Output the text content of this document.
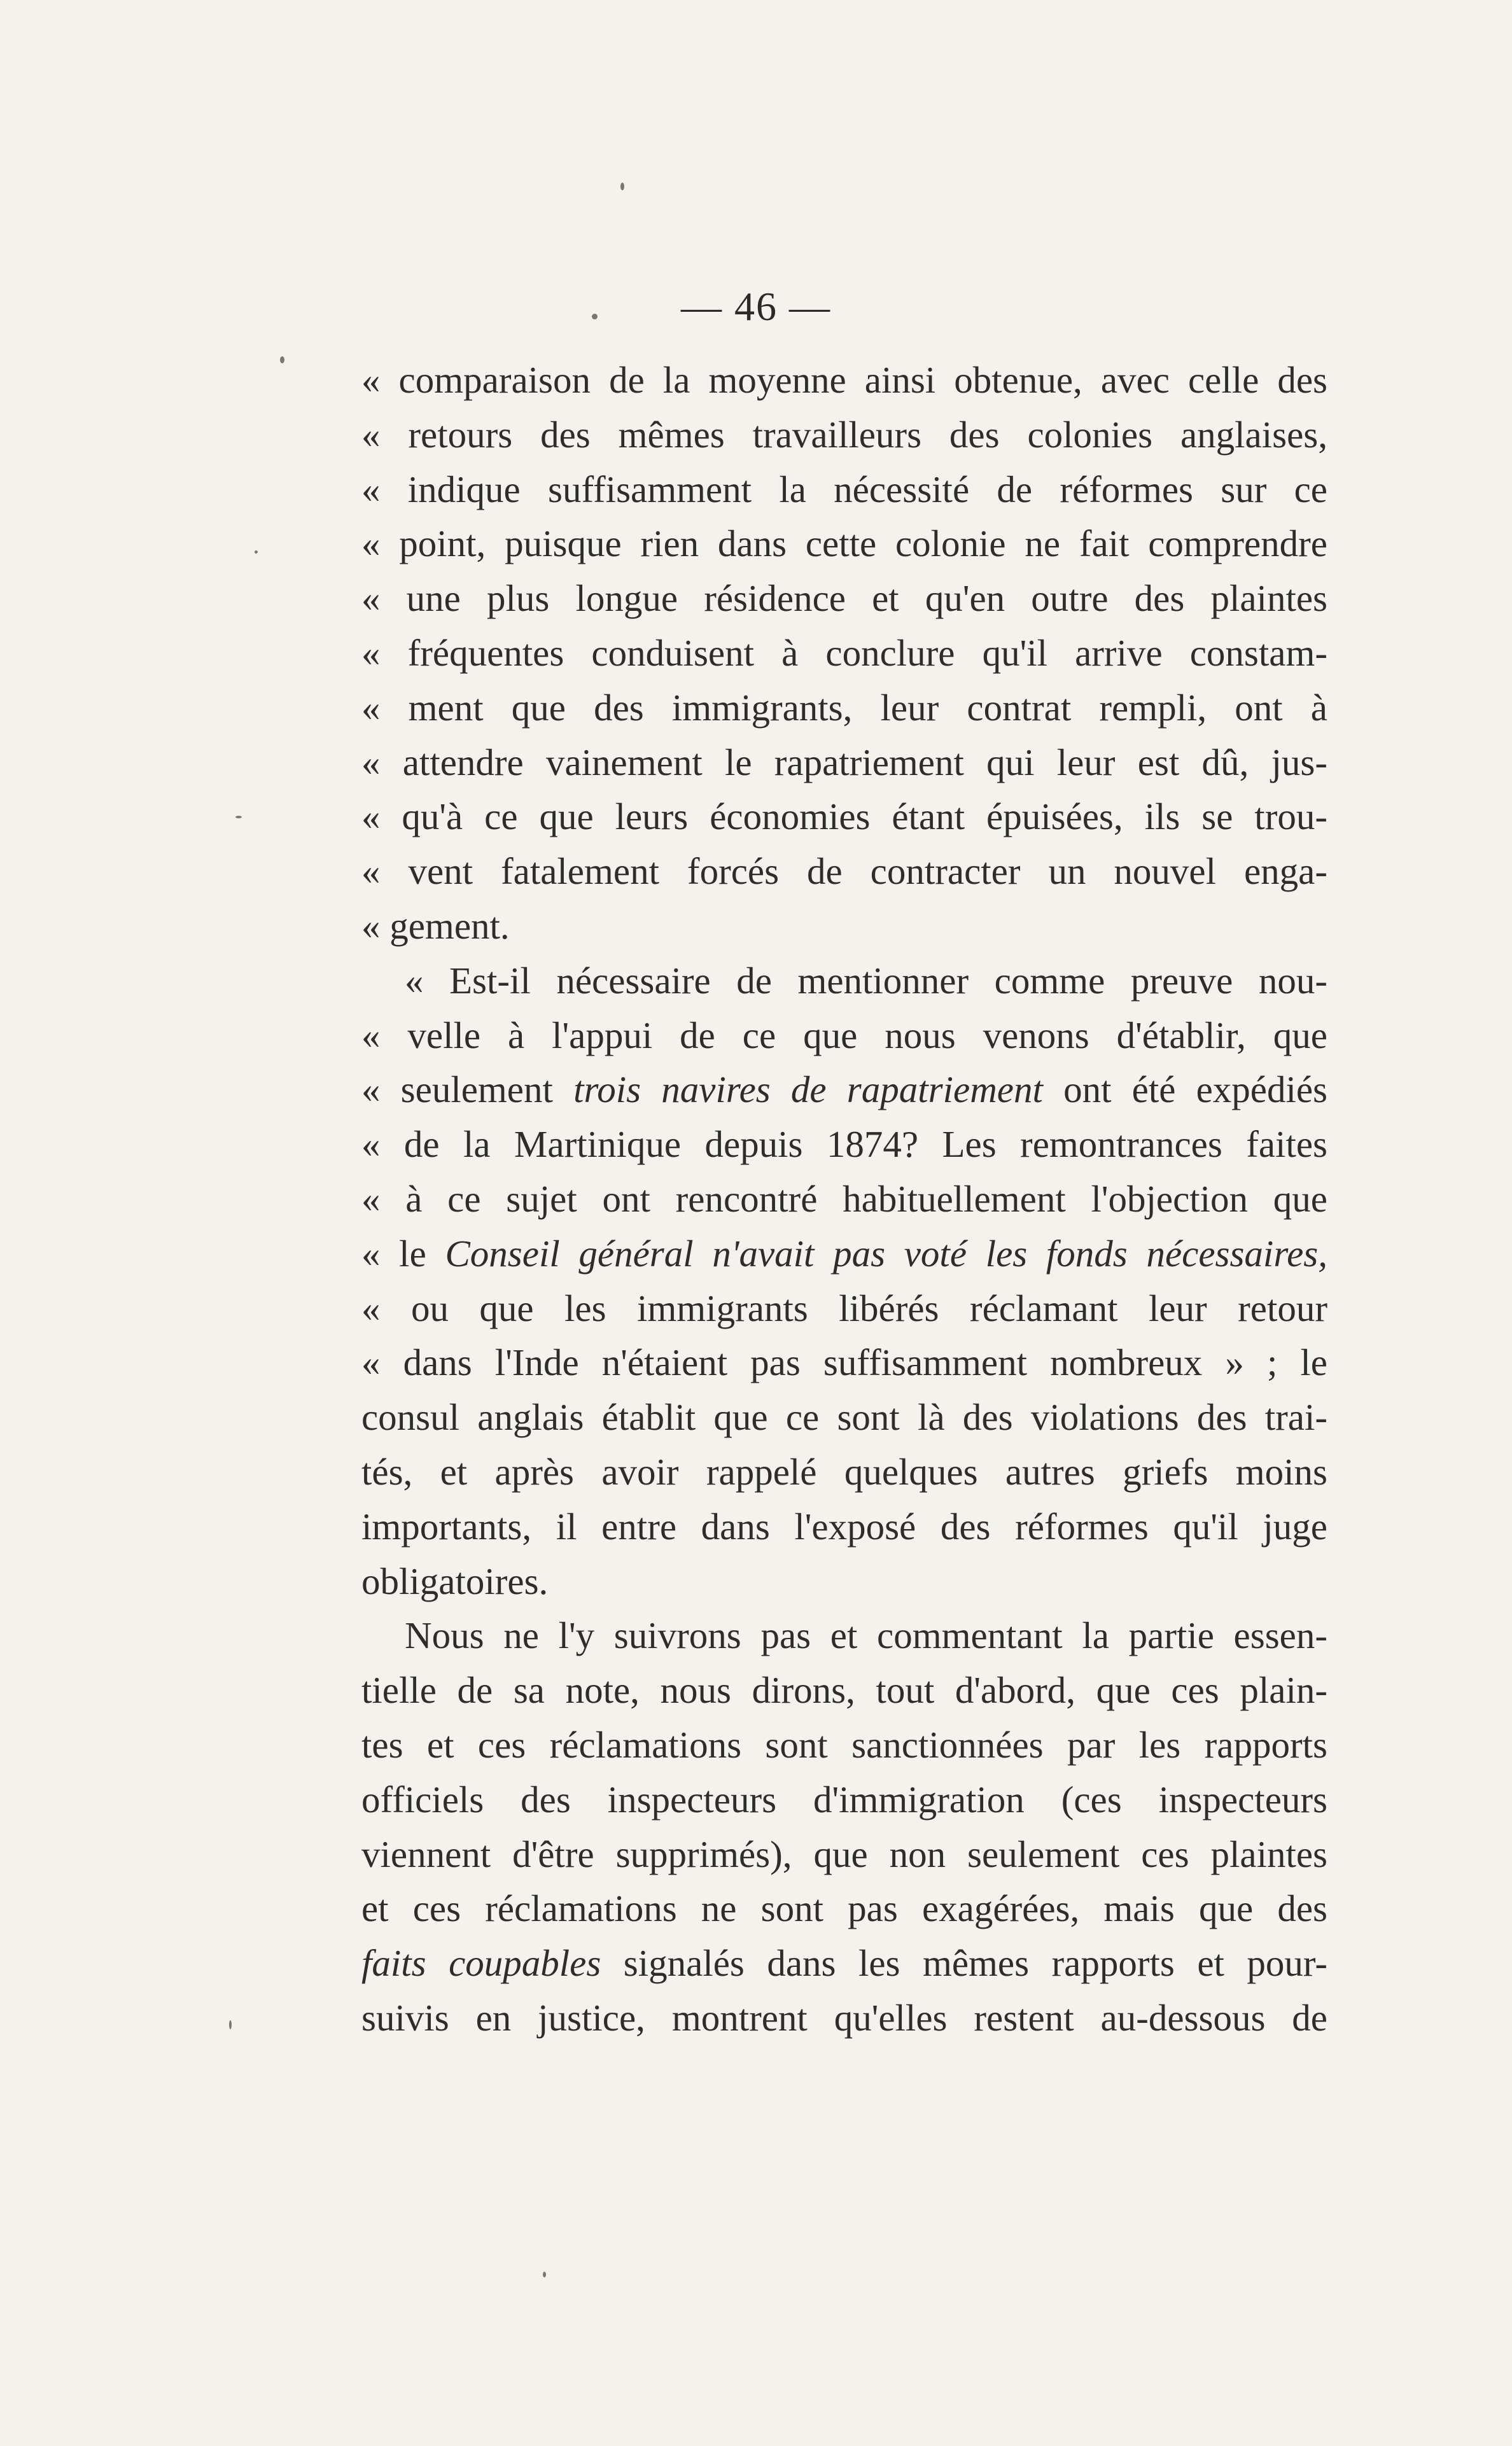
— 46 —
« comparaison de la moyenne ainsi obtenue, avec celle des
« retours des mêmes travailleurs des colonies anglaises,
« indique suffisamment la nécessité de réformes sur ce
« point, puisque rien dans cette colonie ne fait comprendre
« une plus longue résidence et qu'en outre des plaintes
« fréquentes conduisent à conclure qu'il arrive constam-
« ment que des immigrants, leur contrat rempli, ont à
« attendre vainement le rapatriement qui leur est dû, jus-
« qu'à ce que leurs économies étant épuisées, ils se trou-
« vent fatalement forcés de contracter un nouvel enga-
« gement.
« Est-il nécessaire de mentionner comme preuve nou-
« velle à l'appui de ce que nous venons d'établir, que
« seulement trois navires de rapatriement ont été expédiés
« de la Martinique depuis 1874? Les remontrances faites
« à ce sujet ont rencontré habituellement l'objection que
« le Conseil général n'avait pas voté les fonds nécessaires,
« ou que les immigrants libérés réclamant leur retour
« dans l'Inde n'étaient pas suffisamment nombreux » ; le
consul anglais établit que ce sont là des violations des trai-
tés, et après avoir rappelé quelques autres griefs moins
importants, il entre dans l'exposé des réformes qu'il juge
obligatoires.
Nous ne l'y suivrons pas et commentant la partie essen-
tielle de sa note, nous dirons, tout d'abord, que ces plain-
tes et ces réclamations sont sanctionnées par les rapports
officiels des inspecteurs d'immigration (ces inspecteurs
viennent d'être supprimés), que non seulement ces plaintes
et ces réclamations ne sont pas exagérées, mais que des
faits coupables signalés dans les mêmes rapports et pour-
suivis en justice, montrent qu'elles restent au-dessous de
